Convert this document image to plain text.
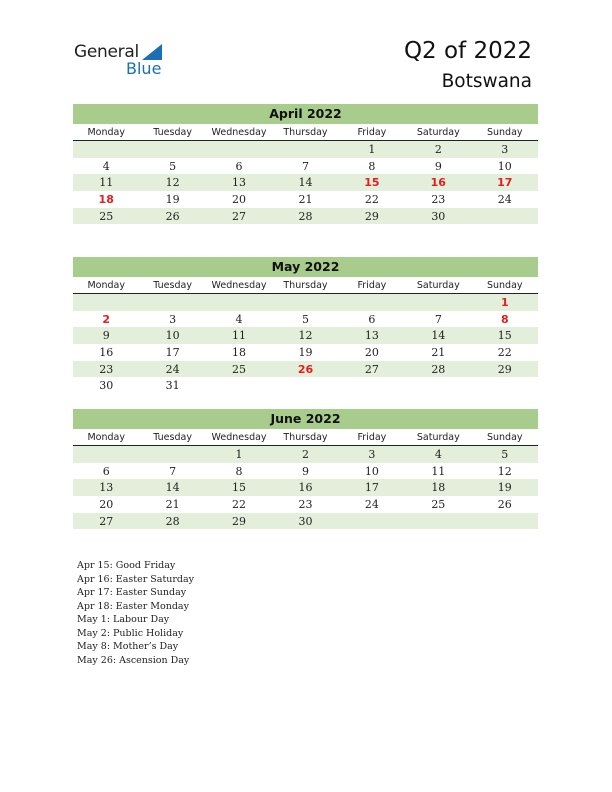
General
Blue
Q2 of 2022
Botswana
April 2022
Monday	Tuesday	Wednesday	Thursday	Friday	Saturday	Sunday
				1	2	3
4	5	6	7	8	9	10
11	12	13	14	15	16	17
18	19	20	21	22	23	24
25	26	27	28	29	30	
May 2022
Monday	Tuesday	Wednesday	Thursday	Friday	Saturday	Sunday
						1
2	3	4	5	6	7	8
9	10	11	12	13	14	15
16	17	18	19	20	21	22
23	24	25	26	27	28	29
30	31					
June 2022
Monday	Tuesday	Wednesday	Thursday	Friday	Saturday	Sunday
		1	2	3	4	5
6	7	8	9	10	11	12
13	14	15	16	17	18	19
20	21	22	23	24	25	26
27	28	29	30			
Apr 15: Good Friday
Apr 16: Easter Saturday
Apr 17: Easter Sunday
Apr 18: Easter Monday
May 1: Labour Day
May 2: Public Holiday
May 8: Mother’s Day
May 26: Ascension Day
